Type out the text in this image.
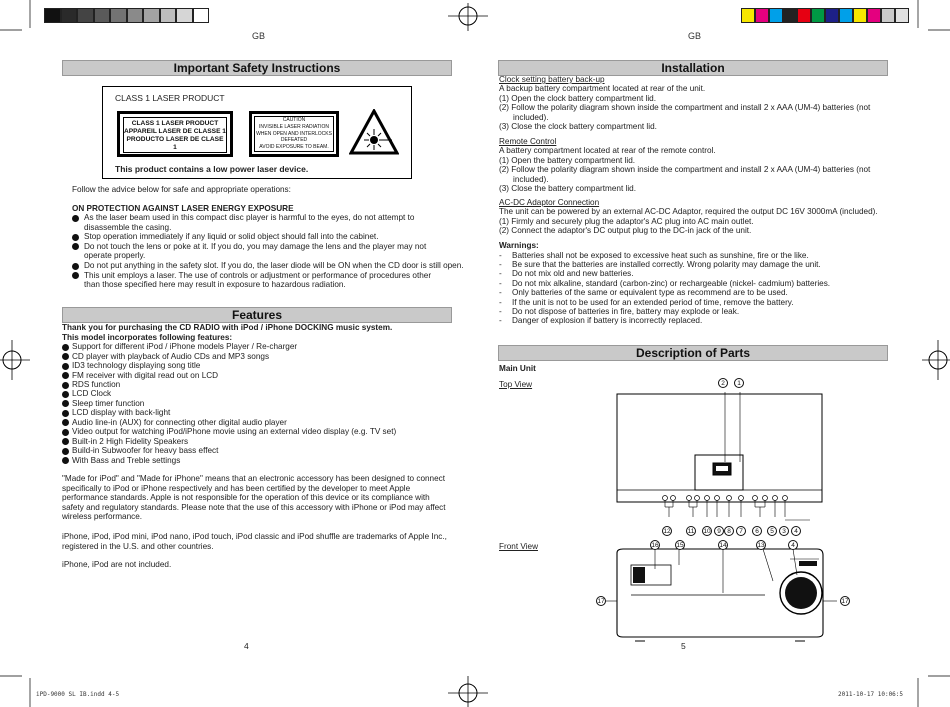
GB	GB
Important Safety Instructions
CLASS 1 LASER PRODUCT
CLASS 1 LASER PRODUCT
APPAREIL LASER DE CLASSE 1
PRODUCTO LASER DE CLASE 1
CAUTION
INVISIBLE LASER RADIATION
WHEN OPEN AND INTERLOCKS
DEFEATED
AVOID EXPOSURE TO BEAM.
This product contains a low power laser device.
Follow the advice below for safe and appropriate operations:
ON PROTECTION AGAINST LASER ENERGY EXPOSURE
Features
Thank you for purchasing the CD RADIO with iPod / iPhone DOCKING music system.
This model incorporates following features:
iPhone, iPod are not included.
4
Installation
Clock setting battery back-up
Remote Control
AC-DC Adaptor Connection
Warnings:
Description of Parts
Main Unit
Top View
Front View
2	1
16	15	14	13	4
17	17
5
iPD-9000 SL IB.indd 4-5	2011-10-17 10:06:5
As the laser beam used in this compact disc player is harmful to the eyes, do not attempt to
disassemble the casing.
Stop operation immediately if any liquid or solid object should fall into the cabinet.
Do not touch the lens or poke at it. If you do, you may damage the lens and the player may not
operate properly.
Do not put anything in the safety slot. If you do, the laser diode will be ON when the CD door is still open.
This unit employs a laser. The use of controls or adjustment or performance of procedures other
than those specified here may result in exposure to hazardous radiation.
Support for different iPod / iPhone models Player / Re-charger
CD player with playback of Audio CDs and MP3 songs
ID3 technology displaying song title
FM receiver with digital read out on LCD
RDS function
LCD Clock
Sleep timer function
LCD display with back-light
Audio line-in (AUX) for connecting other digital audio player
Video output for watching iPod/iPhone movie using an external video display (e.g. TV set)
Built-in 2 High Fidelity Speakers
Build-in Subwoofer for heavy bass effect
With Bass and Treble settings
"Made for iPod" and "Made for iPhone" means that an electronic accessory has been designed to connect
specifically to iPod or iPhone respectively and has been certified by the developer to meet Apple
performance standards. Apple is not responsible for the operation of this device or its compliance with
safety and regulatory standards. Please note that the use of this accessory with iPhone or iPod may affect
wireless performance.
iPhone, iPod, iPod mini, iPod nano, iPod touch, iPod classic and iPod shuffle are trademarks of Apple Inc.,
registered in the U.S. and other countries.
A backup battery compartment located at rear of the unit.
(1) Open the clock battery compartment lid.
(2) Follow the polarity diagram shown inside the compartment and install 2 x AAA (UM-4) batteries (not
included).
(3) Close the clock battery compartment lid.
A battery compartment located at rear of the remote control.
(1) Open the battery compartment lid.
(2) Follow the polarity diagram shown inside the compartment and install 2 x AAA (UM-4) batteries (not
included).
(3) Close the battery compartment lid.
The unit can be powered by an external AC-DC Adaptor, required the output DC 16V 3000mA (included).
(1) Firmly and securely plug the adaptor's AC plug into AC main outlet.
(2) Connect the adaptor's DC output plug to the DC-in jack of the unit.
- Batteries shall not be exposed to excessive heat such as sunshine, fire or the like.
- Be sure that the batteries are installed correctly. Wrong polarity may damage the unit.
- Do not mix old and new batteries.
- Do not mix alkaline, standard (carbon-zinc) or rechargeable (nickel- cadmium) batteries.
- Only batteries of the same or equivalent type as recommend are to be used.
- If the unit is not to be used for an extended period of time, remove the battery.
- Do not dispose of batteries in fire, battery may explode or leak.
- Danger of explosion if battery is incorrectly replaced.
12	11 10	9 8	7	6	5	3	4
